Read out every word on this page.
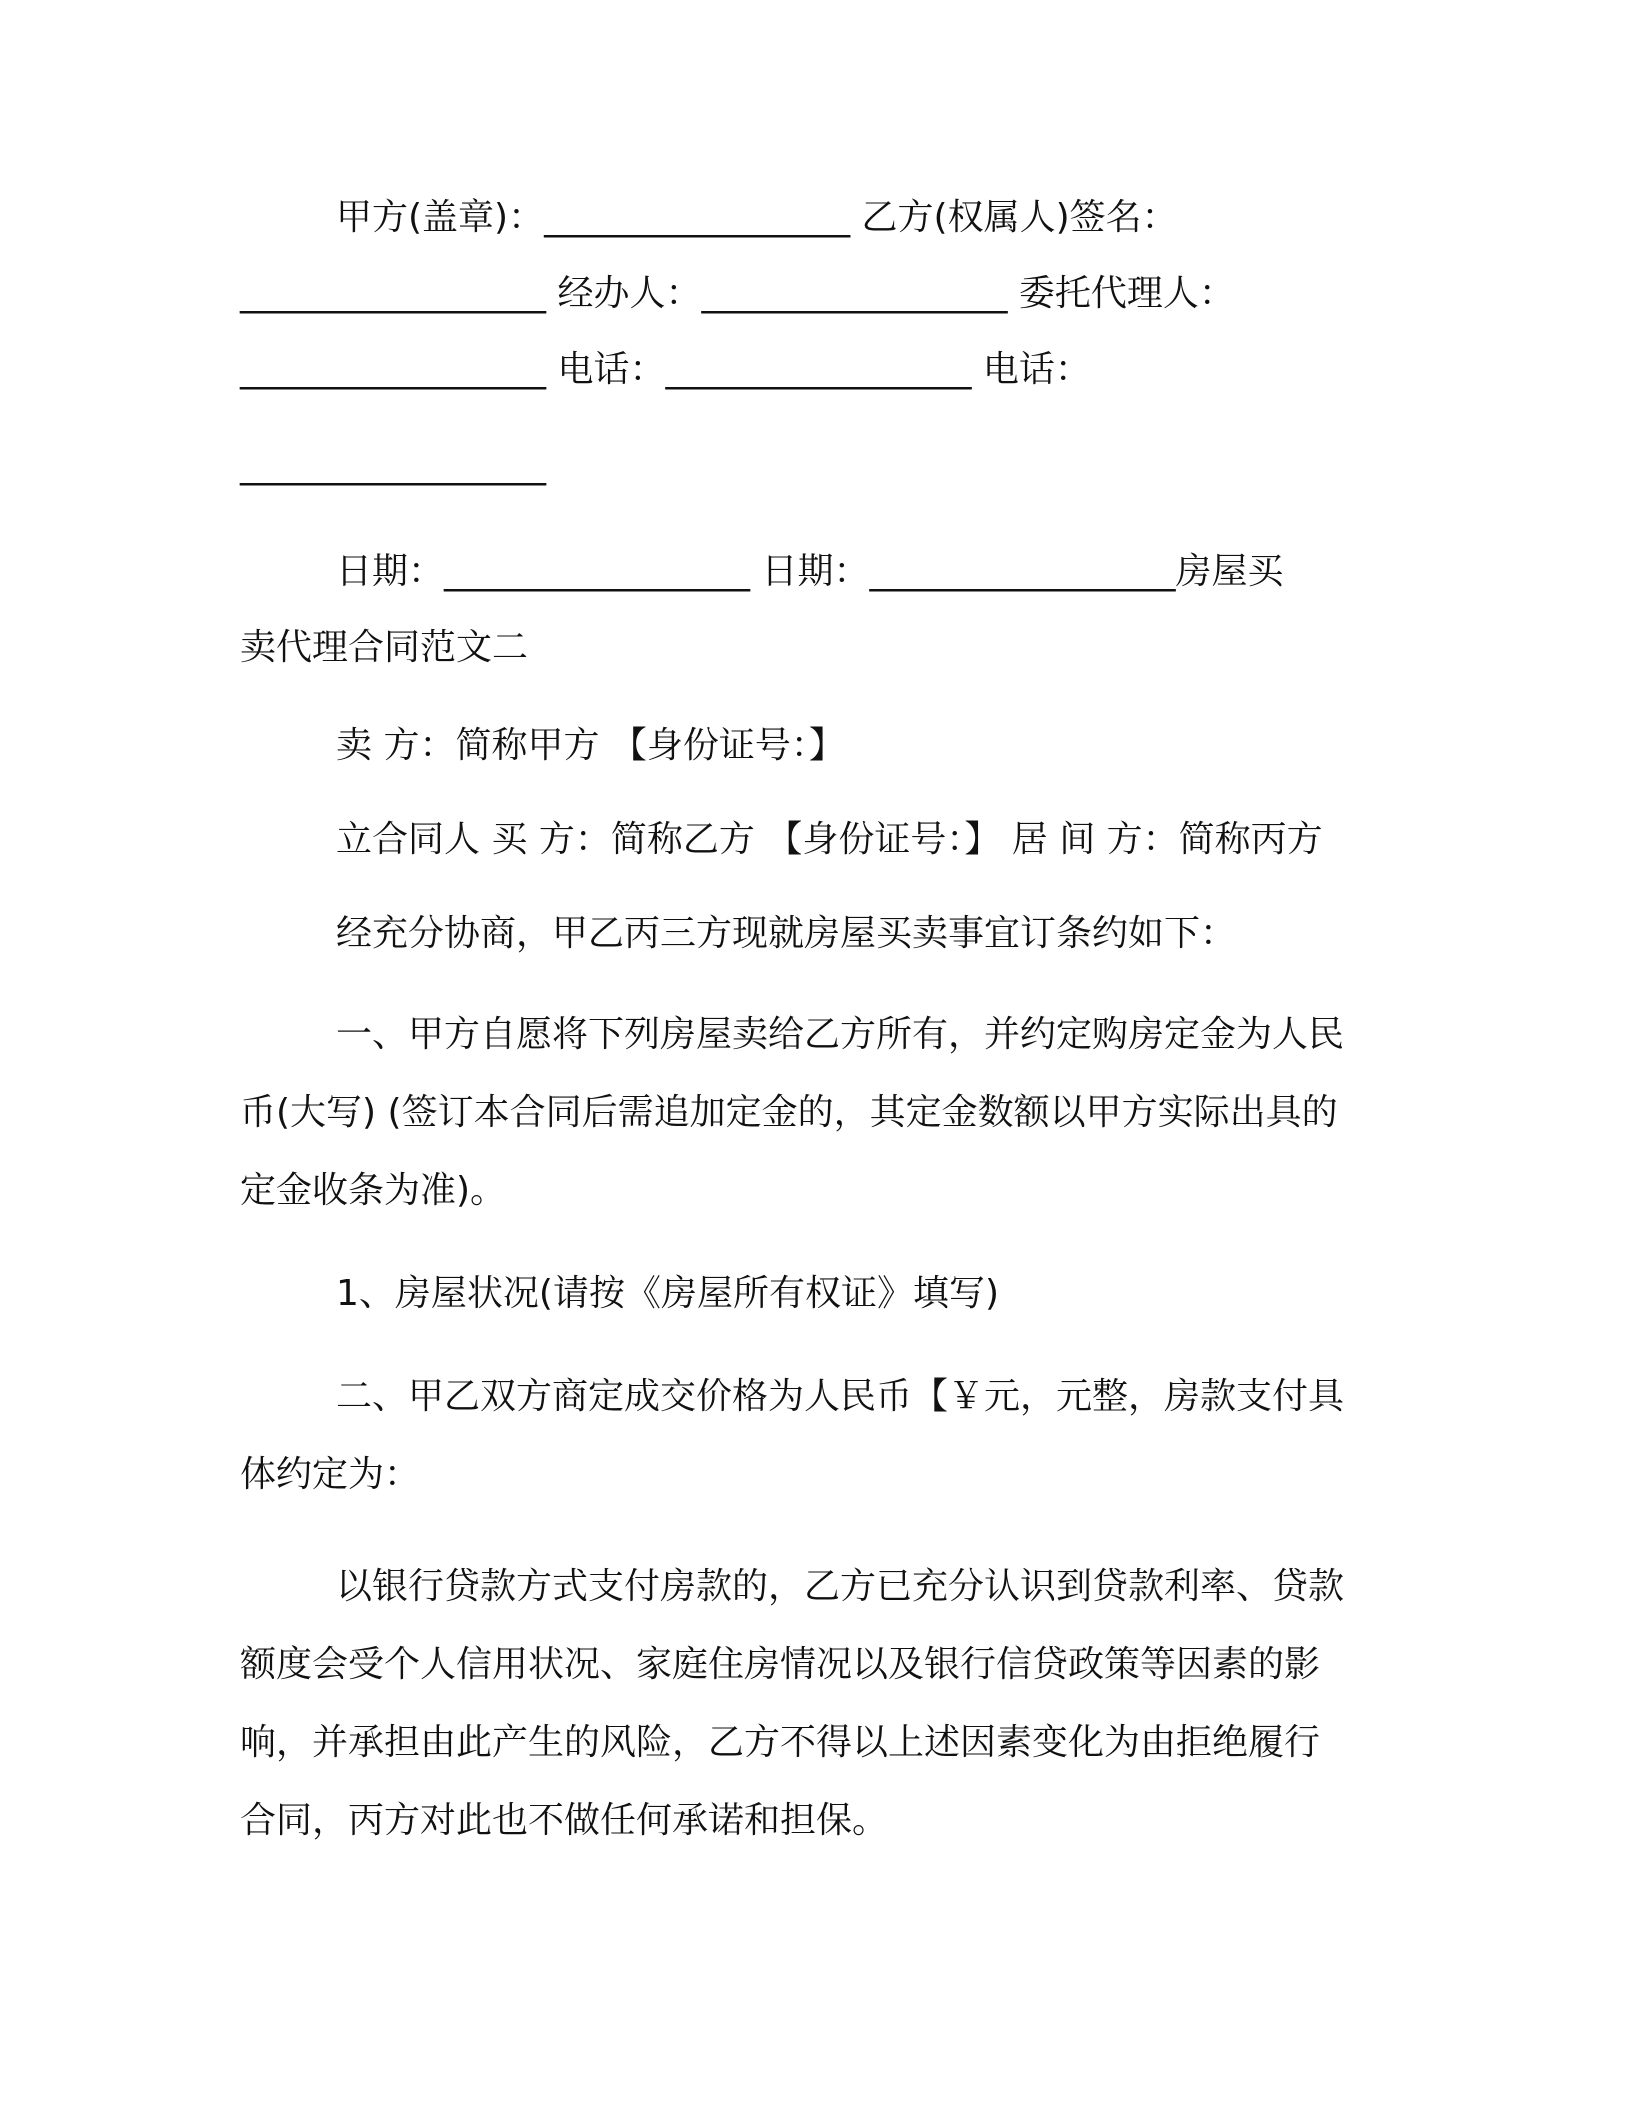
甲方(盖章)：_________________ 乙方(权属人)签名：

_________________ 经办人：_________________ 委托代理人：

_________________ 电话：_________________ 电话：

_________________

日期：_________________ 日期：_________________房屋买

卖代理合同范文二

卖 方：简称甲方 【身份证号：】

立合同人 买 方：简称乙方 【身份证号：】 居 间 方：简称丙方

经充分协商，甲乙丙三方现就房屋买卖事宜订条约如下：

一、甲方自愿将下列房屋卖给乙方所有，并约定购房定金为人民

币(大写) (签订本合同后需追加定金的，其定金数额以甲方实际出具的

定金收条为准)。

1、房屋状况(请按《房屋所有权证》填写)

二、甲乙双方商定成交价格为人民币【￥元，元整，房款支付具

体约定为：

以银行贷款方式支付房款的，乙方已充分认识到贷款利率、贷款

额度会受个人信用状况、家庭住房情况以及银行信贷政策等因素的影

响，并承担由此产生的风险，乙方不得以上述因素变化为由拒绝履行

合同，丙方对此也不做任何承诺和担保。
